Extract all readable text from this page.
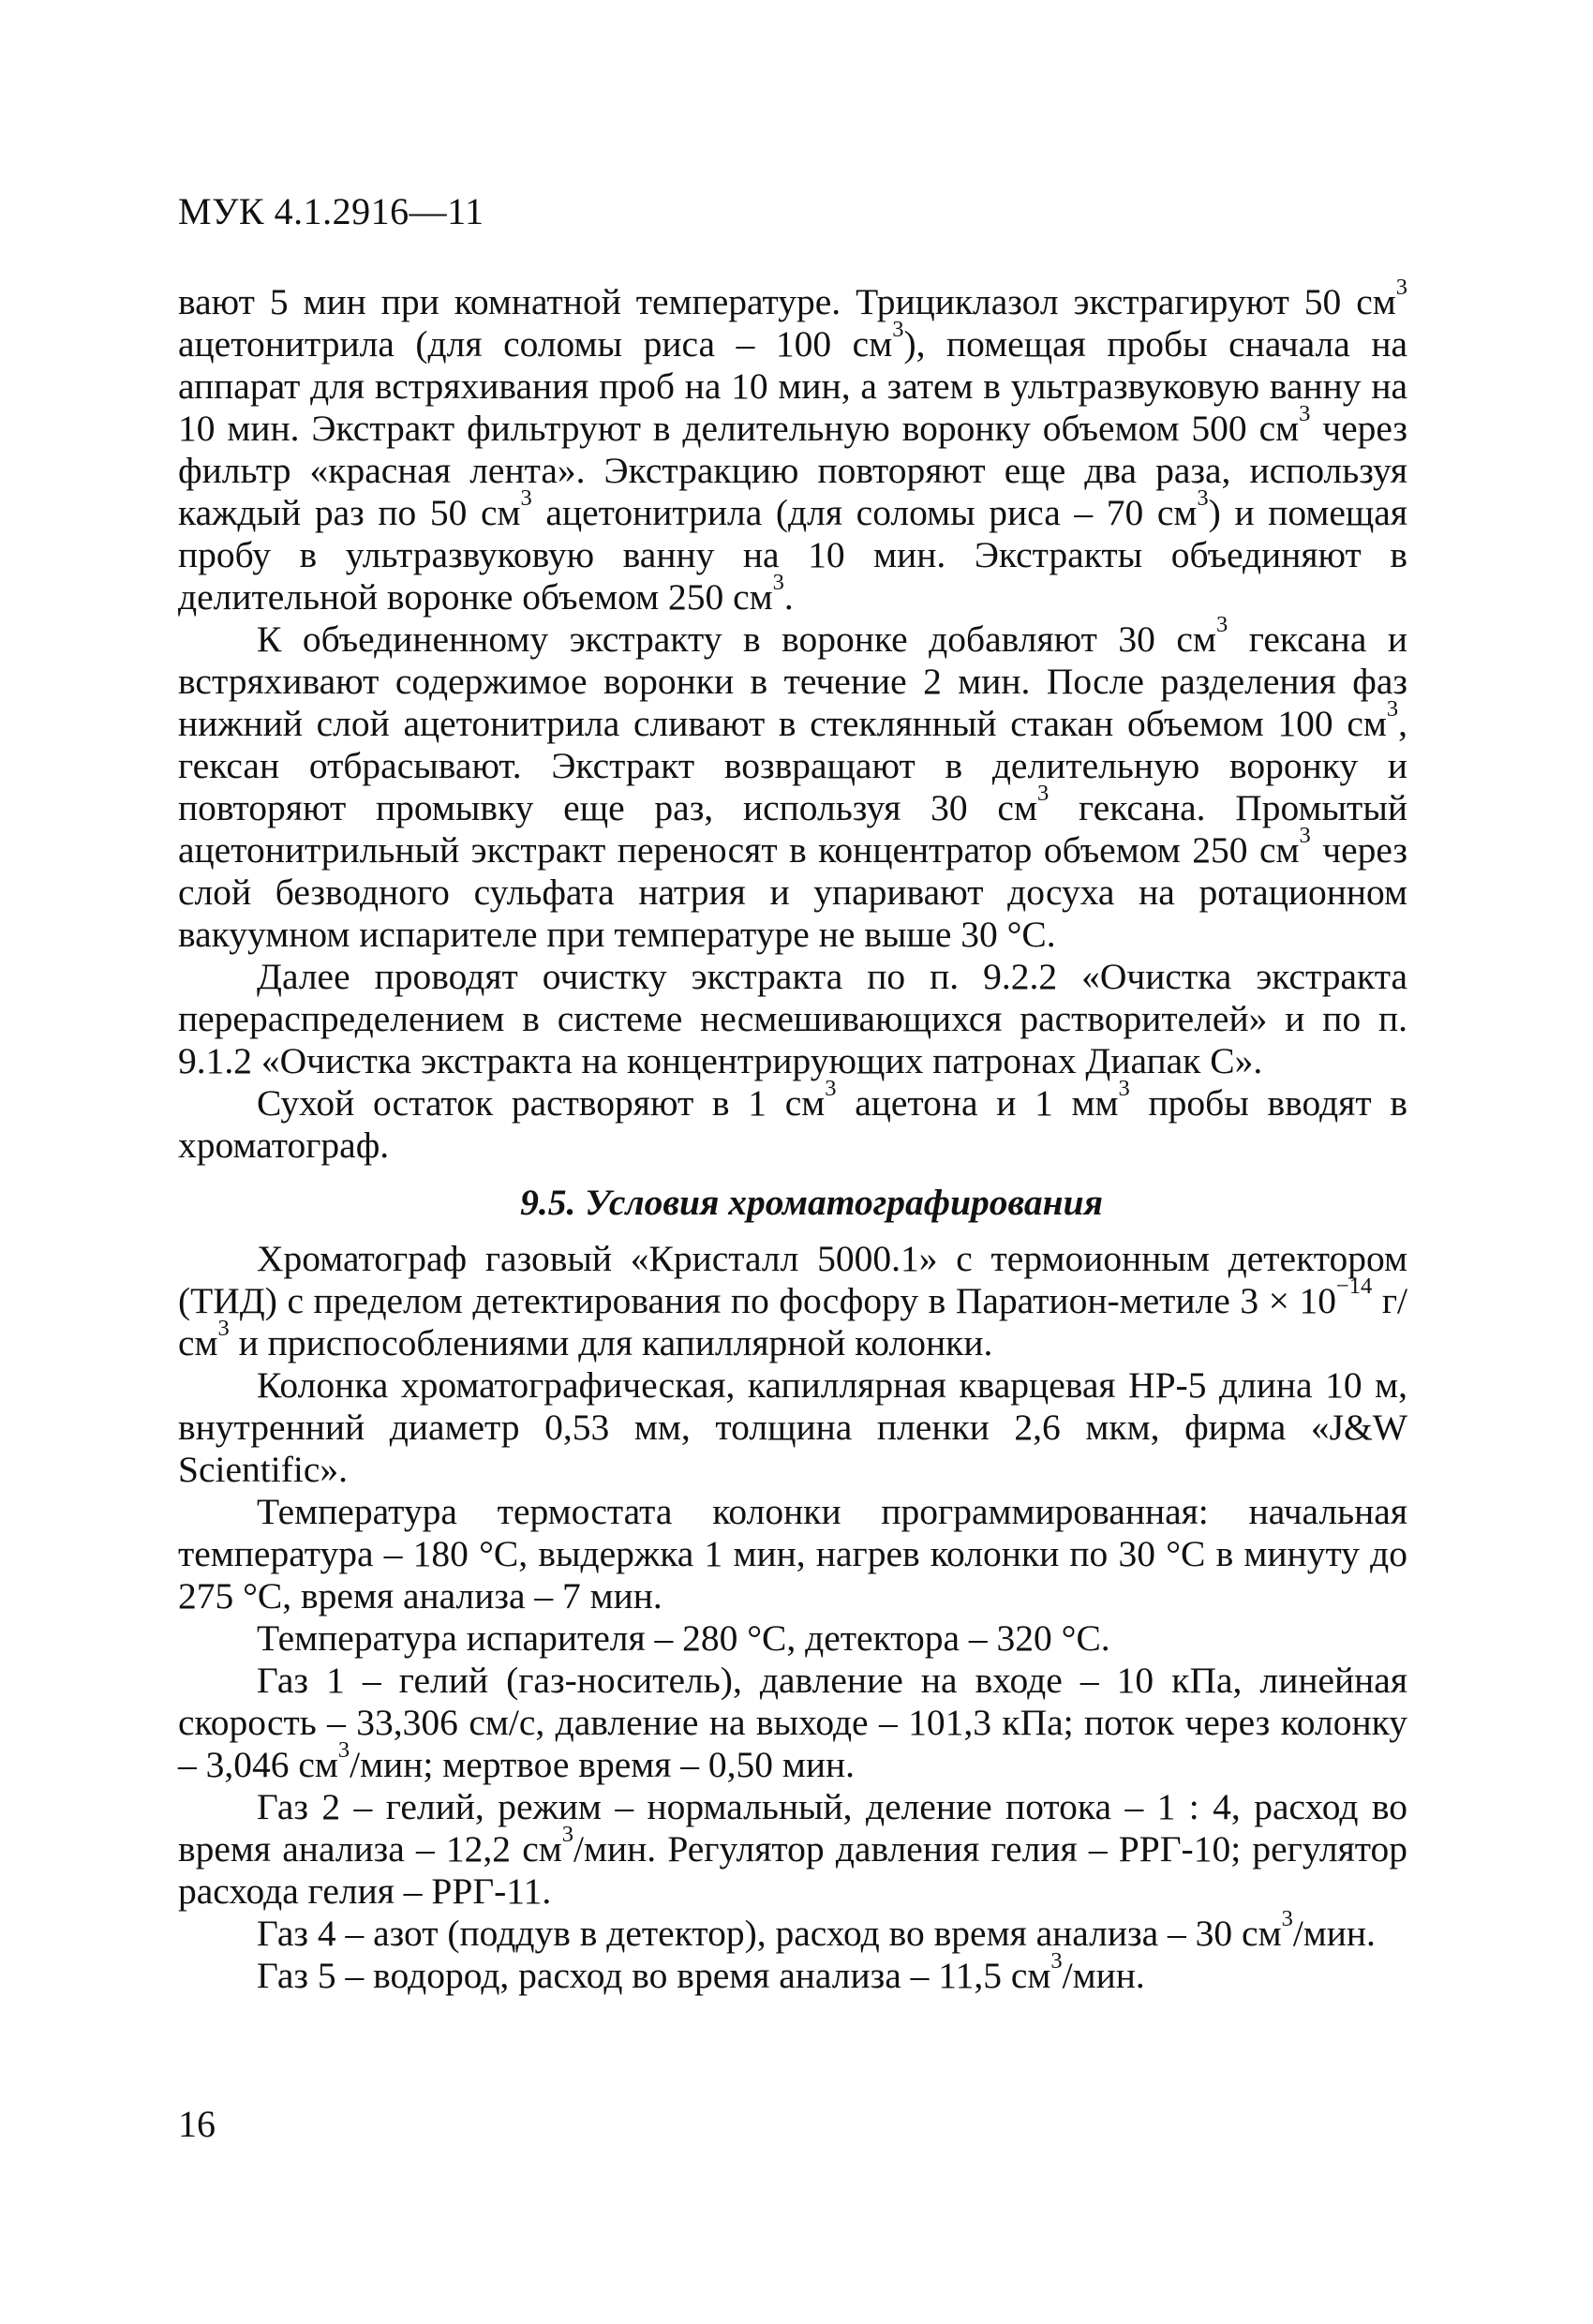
МУК 4.1.2916—11

вают 5 мин при комнатной температуре. Трициклазол экстрагируют 50 $см^3$ ацетонитрила (для соломы риса – 100 $см^3$), помещая пробы сначала на аппарат для встряхивания проб на 10 мин, а затем в ультразвуковую ванну на 10 мин. Экстракт фильтруют в делительную воронку объемом 500 $см^3$ через фильтр «красная лента». Экстракцию повторяют еще два раза, используя каждый раз по 50 $см^3$ ацетонитрила (для соломы риса – 70 $см^3$) и помещая пробу в ультразвуковую ванну на 10 мин. Экстракты объединяют в делительной воронке объемом 250 $см^3$.

К объединенному экстракту в воронке добавляют 30 $см^3$ гексана и встряхивают содержимое воронки в течение 2 мин. После разделения фаз нижний слой ацетонитрила сливают в стеклянный стакан объемом 100 $см^3$, гексан отбрасывают. Экстракт возвращают в делительную воронку и повторяют промывку еще раз, используя 30 $см^3$ гексана. Промытый ацетонитрильный экстракт переносят в концентратор объемом 250 $см^3$ через слой безводного сульфата натрия и упаривают досуха на ротационном вакуумном испарителе при температуре не выше 30 °С.

Далее проводят очистку экстракта по п. 9.2.2 «Очистка экстракта перераспределением в системе несмешивающихся растворителей» и по п. 9.1.2 «Очистка экстракта на концентрирующих патронах Диапак С».

Сухой остаток растворяют в 1 $см^3$ ацетона и 1 $мм^3$ пробы вводят в хроматограф.

9.5. Условия хроматографирования

Хроматограф газовый «Кристалл 5000.1» с термоионным детектором (ТИД) с пределом детектирования по фосфору в Паратион-метиле $3 \times 10^{-14}$ $г/см^3$ и приспособлениями для капиллярной колонки.

Колонка хроматографическая, капиллярная кварцевая HP-5 длина 10 м, внутренний диаметр 0,53 мм, толщина пленки 2,6 мкм, фирма «J&W Scientific».

Температура термостата колонки программированная: начальная температура – 180 °С, выдержка 1 мин, нагрев колонки по 30 °С в минуту до 275 °С, время анализа – 7 мин.

Температура испарителя – 280 °С, детектора – 320 °С.

Газ 1 – гелий (газ-носитель), давление на входе – 10 кПа, линейная скорость – 33,306 см/с, давление на выходе – 101,3 кПа; поток через колонку – 3,046 $см^3$/мин; мертвое время – 0,50 мин.

Газ 2 – гелий, режим – нормальный, деление потока – 1 : 4, расход во время анализа – 12,2 $см^3$/мин. Регулятор давления гелия – РРГ-10; регулятор расхода гелия – РРГ-11.

Газ 4 – азот (поддув в детектор), расход во время анализа – 30 $см^3$/мин.

Газ 5 – водород, расход во время анализа – 11,5 $см^3$/мин.

16
